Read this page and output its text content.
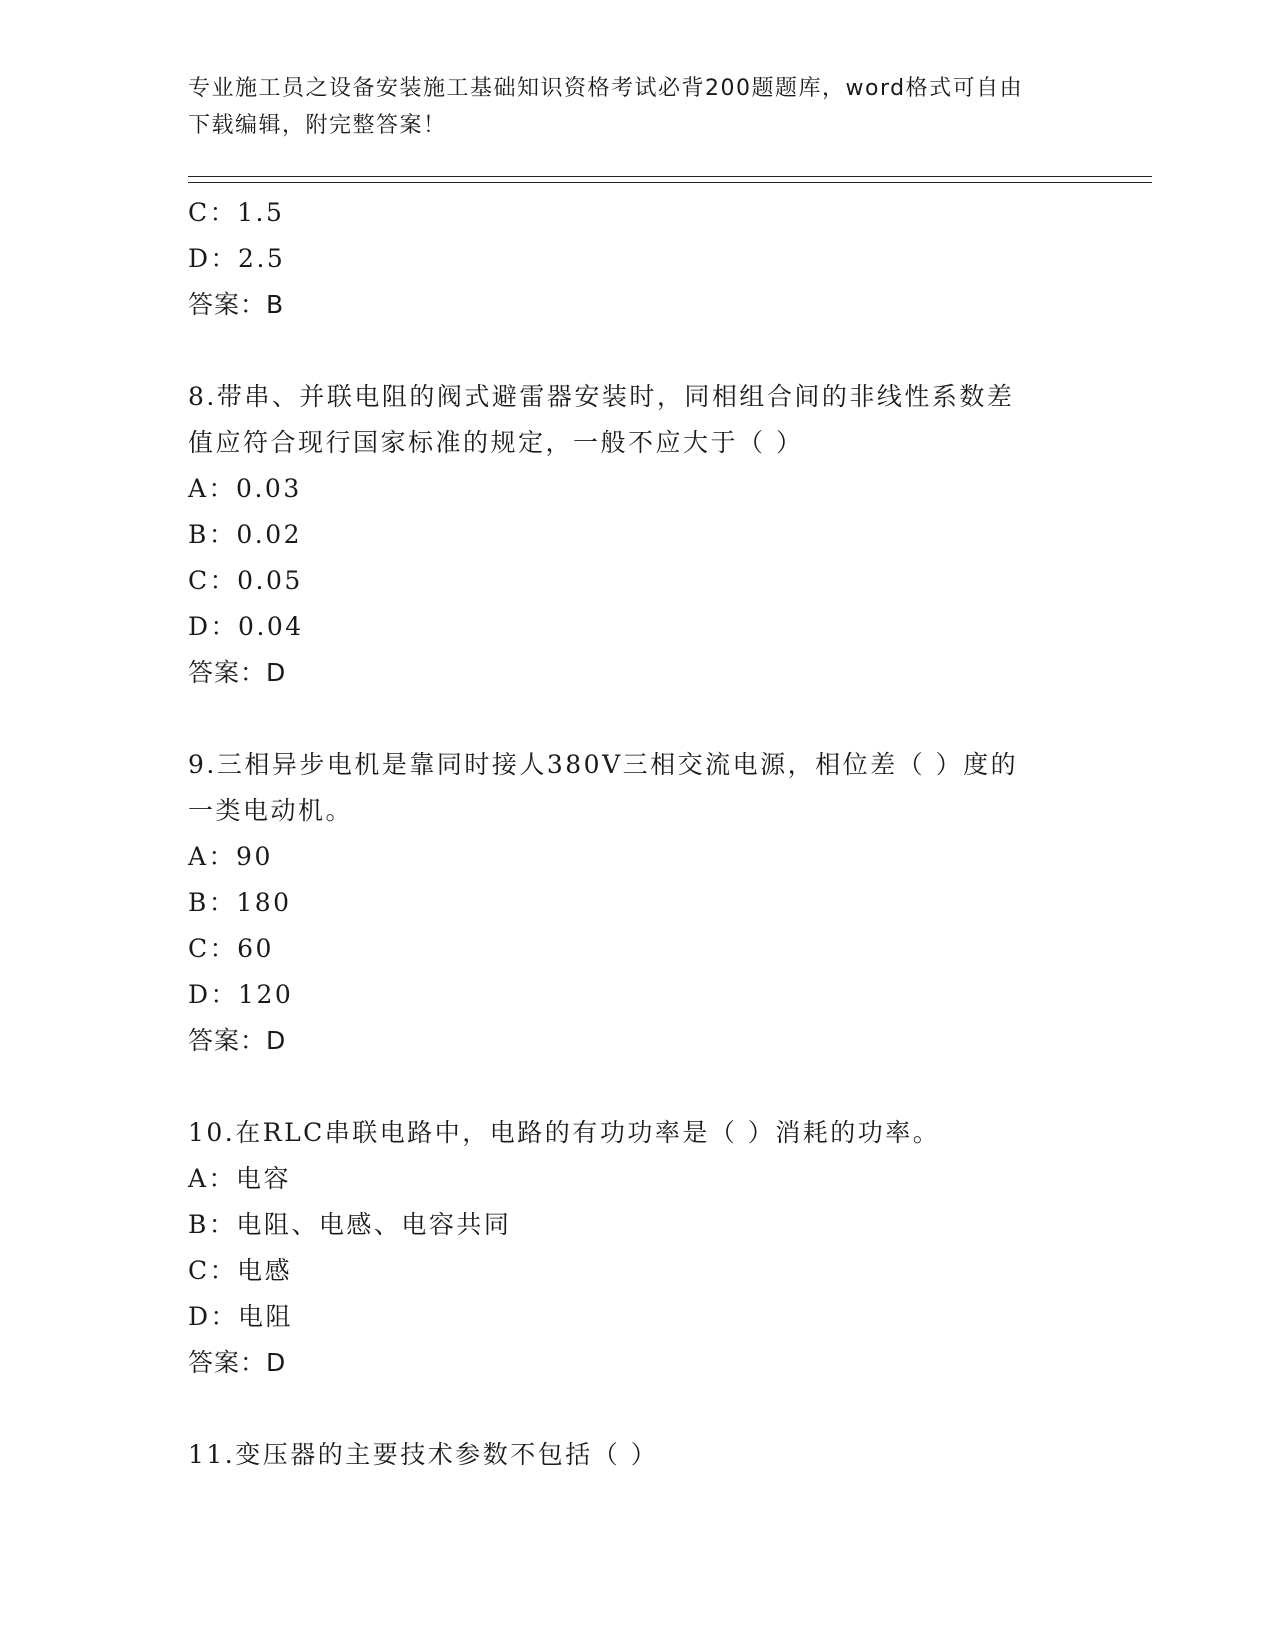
专业施工员之设备安装施工基础知识资格考试必背200题题库，word格式可自由
下载编辑，附完整答案！
C：1.5
D：2.5
答案：B
8.带串、并联电阻的阀式避雷器安装时，同相组合间的非线性系数差
值应符合现行国家标准的规定，一般不应大于（ ）
A：0.03
B：0.02
C：0.05
D：0.04
答案：D
9.三相异步电机是靠同时接人380V三相交流电源，相位差（ ）度的
一类电动机。
A：90
B：180
C：60
D：120
答案：D
10.在RLC串联电路中，电路的有功功率是（ ）消耗的功率。
A：电容
B：电阻、电感、电容共同
C：电感
D：电阻
答案：D
11.变压器的主要技术参数不包括（ ）
